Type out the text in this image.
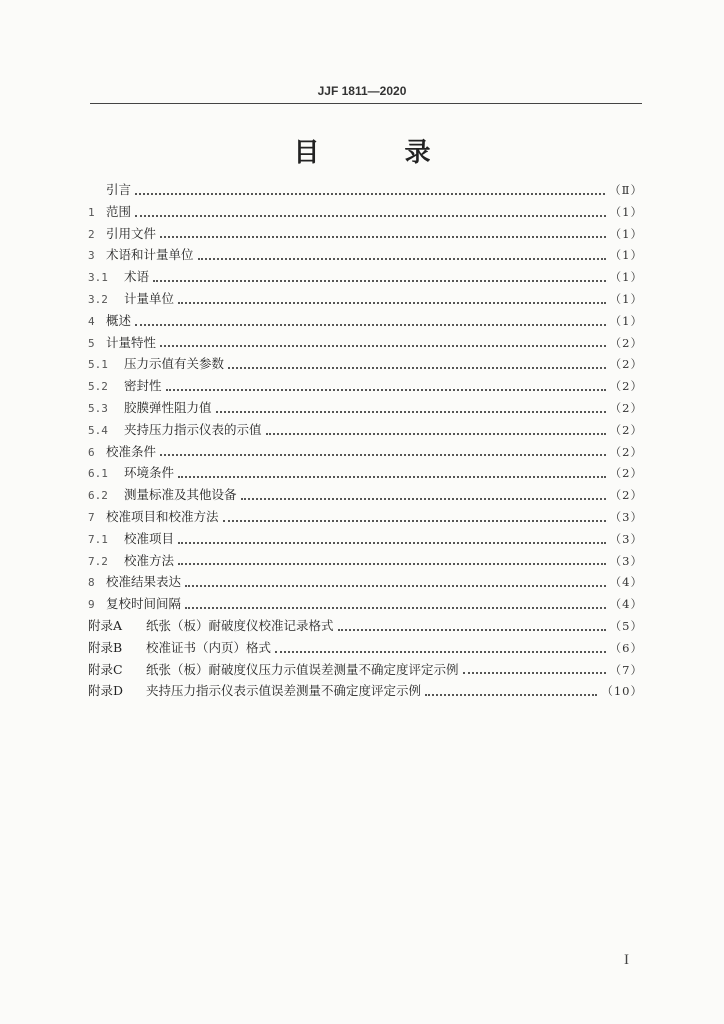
JJF 1811—2020
目 录
引言	（Ⅱ）
1 范围	（1）
2 引用文件	（1）
3 术语和计量单位	（1）
3.1	术语	（1）
3.2	计量单位	（1）
4 概述	（1）
5 计量特性	（2）
5.1	压力示值有关参数	（2）
5.2	密封性	（2）
5.3	胶膜弹性阻力值	（2）
5.4	夹持压力指示仪表的示值	（2）
6 校准条件	（2）
6.1	环境条件	（2）
6.2	测量标准及其他设备	（2）
7 校准项目和校准方法	（3）
7.1	校准项目	（3）
7.2	校准方法	（3）
8 校准结果表达	（4）
9 复校时间间隔	（4）
附录A	纸张（板）耐破度仪校准记录格式	（5）
附录B	校准证书（内页）格式	（6）
附录C	纸张（板）耐破度仪压力示值误差测量不确定度评定示例	（7）
附录D	夹持压力指示仪表示值误差测量不确定度评定示例	（10）
I
